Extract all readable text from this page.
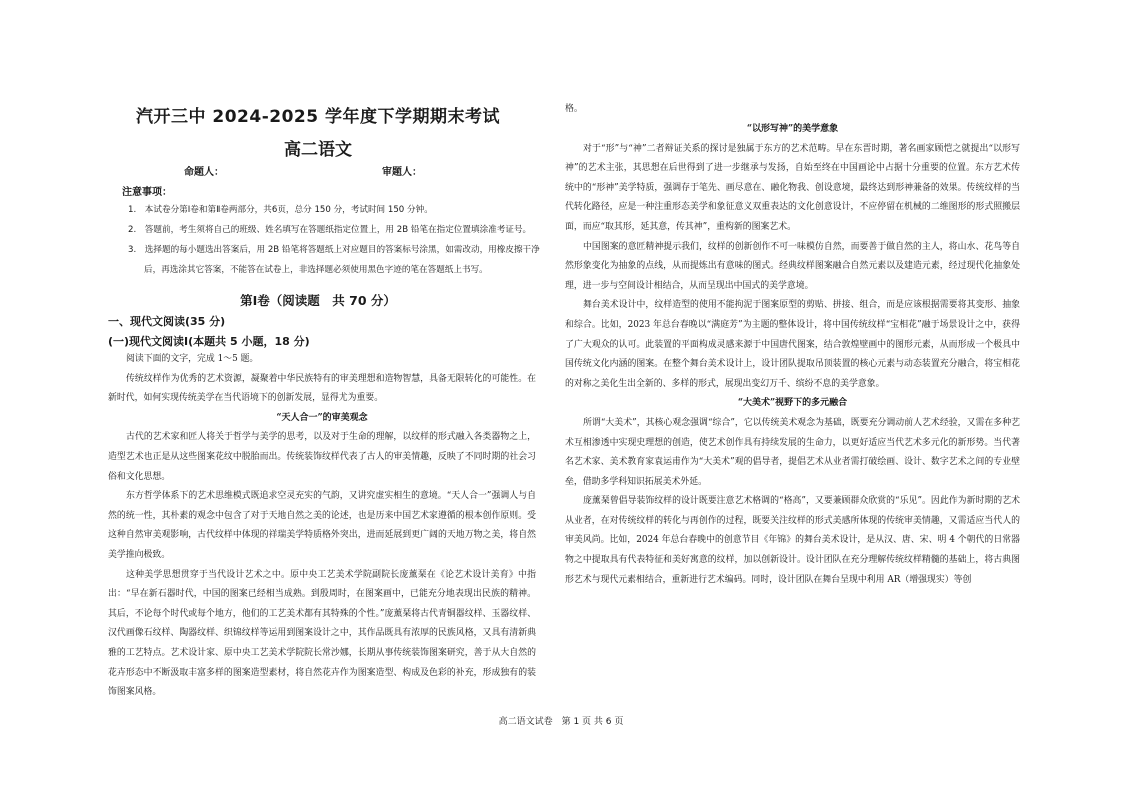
汽开三中 2024-2025 学年度下学期期末考试
高二语文
命题人：	审题人：
注意事项：
1.　本试卷分第Ⅰ卷和第Ⅱ卷两部分，共6页，总分 150 分，考试时间 150 分钟。
2.　答题前，考生须将自己的班级、姓名填写在答题纸指定位置上，用 2B 铅笔在指定位置填涂准考证号。
3.　选择题的每小题选出答案后，用 2B 铅笔将答题纸上对应题目的答案标号涂黑，如需改动，用橡皮擦干净后，再选涂其它答案，不能答在试卷上，非选择题必须使用黑色字迹的笔在答题纸上书写。
第Ⅰ卷（阅读题　共 70 分）
一、现代文阅读(35 分)
(一)现代文阅读Ⅰ(本题共 5 小题，18 分)

阅读下面的文字，完成 1～5 题。

传统纹样作为优秀的艺术资源，凝聚着中华民族特有的审美理想和造物智慧，具备无限转化的可能性。在新时代，如何实现传统美学在当代语境下的创新发展，显得尤为重要。

“天人合一”的审美观念

古代的艺术家和匠人将关于哲学与美学的思考，以及对于生命的理解，以纹样的形式融入各类器物之上，造型艺术也正是从这些图案花纹中脱胎而出。传统装饰纹样代表了古人的审美情趣，反映了不同时期的社会习俗和文化思想。

东方哲学体系下的艺术思维模式既追求空灵充实的气韵，又讲究虚实相生的意境。“天人合一”强调人与自然的统一性，其朴素的观念中包含了对于天地自然之美的论述，也是历来中国艺术家遵循的根本创作原则。受这种自然审美观影响，古代纹样中体现的祥瑞美学特质格外突出，进而延展到更广阔的天地万物之美，将自然美学推向极致。

这种美学思想贯穿于当代设计艺术之中。原中央工艺美术学院副院长庞薰琹在《论艺术设计美育》中指出：“早在新石器时代，中国的图案已经相当成熟。到殷周时，在图案画中，已能充分地表现出民族的精神。其后，不论每个时代或每个地方，他们的工艺美术都有其特殊的个性。”庞薰琹将古代青铜器纹样、玉器纹样、汉代画像石纹样、陶器纹样、织锦纹样等运用到图案设计之中，其作品既具有浓厚的民族风格，又具有清新典雅的工艺特点。艺术设计家、原中央工艺美术学院院长常沙娜，长期从事传统装饰图案研究，善于从大自然的花卉形态中不断汲取丰富多样的图案造型素材，将自然花卉作为图案造型、构成及色彩的补充，形成独有的装饰图案风格。

格。

“以形写神”的美学意象

对于“形”与“神”二者辩证关系的探讨是独属于东方的艺术范畴。早在东晋时期，著名画家顾恺之就提出“以形写神”的艺术主张，其思想在后世得到了进一步继承与发扬，自始至终在中国画论中占据十分重要的位置。东方艺术传统中的“形神”美学特质，强调存于笔先、画尽意在、融化物我、创设意境，最终达到形神兼备的效果。传统纹样的当代转化路径，应是一种注重形态美学和象征意义双重表达的文化创意设计，不应停留在机械的二维图形的形式照搬层面，而应“取其形，延其意，传其神”，重构新的图案艺术。

中国图案的意匠精神提示我们，纹样的创新创作不可一味模仿自然，而要善于做自然的主人，将山水、花鸟等自然形象变化为抽象的点线，从而提炼出有意味的图式。经典纹样图案融合自然元素以及建造元素，经过现代化抽象处理，进一步与空间设计相结合，从而呈现出中国式的美学意境。

舞台美术设计中，纹样造型的使用不能拘泥于图案原型的剪贴、拼接、组合，而是应该根据需要将其变形、抽象和综合。比如，2023 年总台春晚以“满庭芳”为主题的整体设计，将中国传统纹样“宝相花”融于场景设计之中，获得了广大观众的认可。此装置的平面构成灵感来源于中国唐代图案，结合敦煌壁画中的图形元素，从而形成一个极具中国传统文化内涵的图案。在整个舞台美术设计上，设计团队提取吊顶装置的核心元素与动态装置充分融合，将宝相花的对称之美化生出全新的、多样的形式，展现出变幻万千、缤纷不息的美学意象。

“大美术”视野下的多元融合

所谓“大美术”，其核心观念强调“综合”，它以传统美术观念为基础，既要充分调动前人艺术经验，又需在多种艺术互相渗透中实现史理想的创造，使艺术创作具有持续发展的生命力，以更好适应当代艺术多元化的新形势。当代著名艺术家、美术教育家袁运甫作为“大美术”观的倡导者，提倡艺术从业者需打破绘画、设计、数字艺术之间的专业壁垒，借助多学科知识拓展美术外延。

庞薰琹曾倡导装饰纹样的设计既要注意艺术格调的“格高”，又要兼顾群众欣赏的“乐见”。因此作为新时期的艺术从业者，在对传统纹样的转化与再创作的过程，既要关注纹样的形式美感所体现的传统审美情趣，又需适应当代人的审美风尚。比如，2024 年总台春晚中的创意节目《年锦》的舞台美术设计，是从汉、唐、宋、明 4 个朝代的日常器物之中提取具有代表特征和美好寓意的纹样，加以创新设计。设计团队在充分理解传统纹样精髓的基础上，将古典图形艺术与现代元素相结合，重新进行艺术编码。同时，设计团队在舞台呈现中利用 AR（增强现实）等创

高二语文试卷　第 1 页 共 6 页
